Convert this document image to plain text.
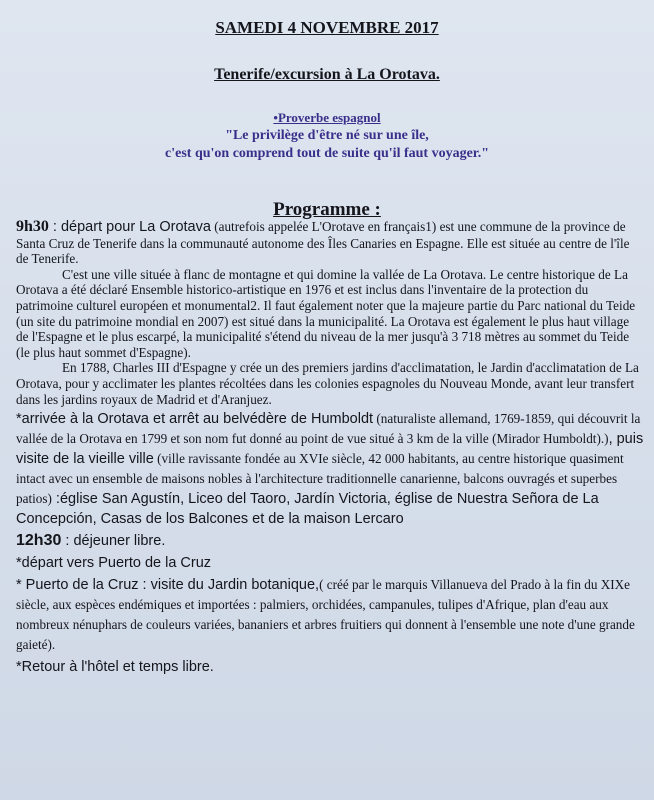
SAMEDI 4 NOVEMBRE 2017
Tenerife/excursion à La Orotava.
•Proverbe espagnol
"Le privilège d'être né sur une île,
c'est qu'on comprend tout de suite qu'il faut voyager."
Programme :

9h30 : départ pour La Orotava (autrefois appelée L'Orotave en français1) est une commune de la province de Santa Cruz de Tenerife dans la communauté autonome des Îles Canaries en Espagne. Elle est située au centre de l'île de Tenerife.

C'est une ville située à flanc de montagne et qui domine la vallée de La Orotava. Le centre historique de La Orotava a été déclaré Ensemble historico-artistique en 1976 et est inclus dans l'inventaire de la protection du patrimoine culturel européen et monumental2. Il faut également noter que la majeure partie du Parc national du Teide (un site du patrimoine mondial en 2007) est situé dans la municipalité. La Orotava est également le plus haut village de l'Espagne et le plus escarpé, la municipalité s'étend du niveau de la mer jusqu'à 3 718 mètres au sommet du Teide (le plus haut sommet d'Espagne).

En 1788, Charles III d'Espagne y crée un des premiers jardins d'acclimatation, le Jardin d'acclimatation de La Orotava, pour y acclimater les plantes récoltées dans les colonies espagnoles du Nouveau Monde, avant leur transfert dans les jardins royaux de Madrid et d'Aranjuez.

*arrivée à la Orotava et arrêt au belvédère de Humboldt (naturaliste allemand, 1769-1859, qui découvrit la vallée de la Orotava en 1799 et son nom fut donné au point de vue situé à 3 km de la ville (Mirador Humboldt).), puis visite de la vieille ville (ville ravissante fondée au XVIe siècle, 42 000 habitants, au centre historique quasiment intact avec un ensemble de maisons nobles à l'architecture traditionnelle canarienne, balcons ouvragés et superbes patios) :église San Agustín, Liceo del Taoro, Jardín Victoria, église de Nuestra Señora de La Concepción, Casas de los Balcones et de la maison Lercaro

12h30 : déjeuner libre.

*départ vers Puerto de la Cruz

* Puerto de la Cruz : visite du Jardin botanique,( créé par le marquis Villanueva del Prado à la fin du XIXe siècle, aux espèces endémiques et importées : palmiers, orchidées, campanules, tulipes d'Afrique, plan d'eau aux nombreux nénuphars de couleurs variées, bananiers et arbres fruitiers qui donnent à l'ensemble une note d'une grande gaieté).

*Retour à l'hôtel et temps libre.
